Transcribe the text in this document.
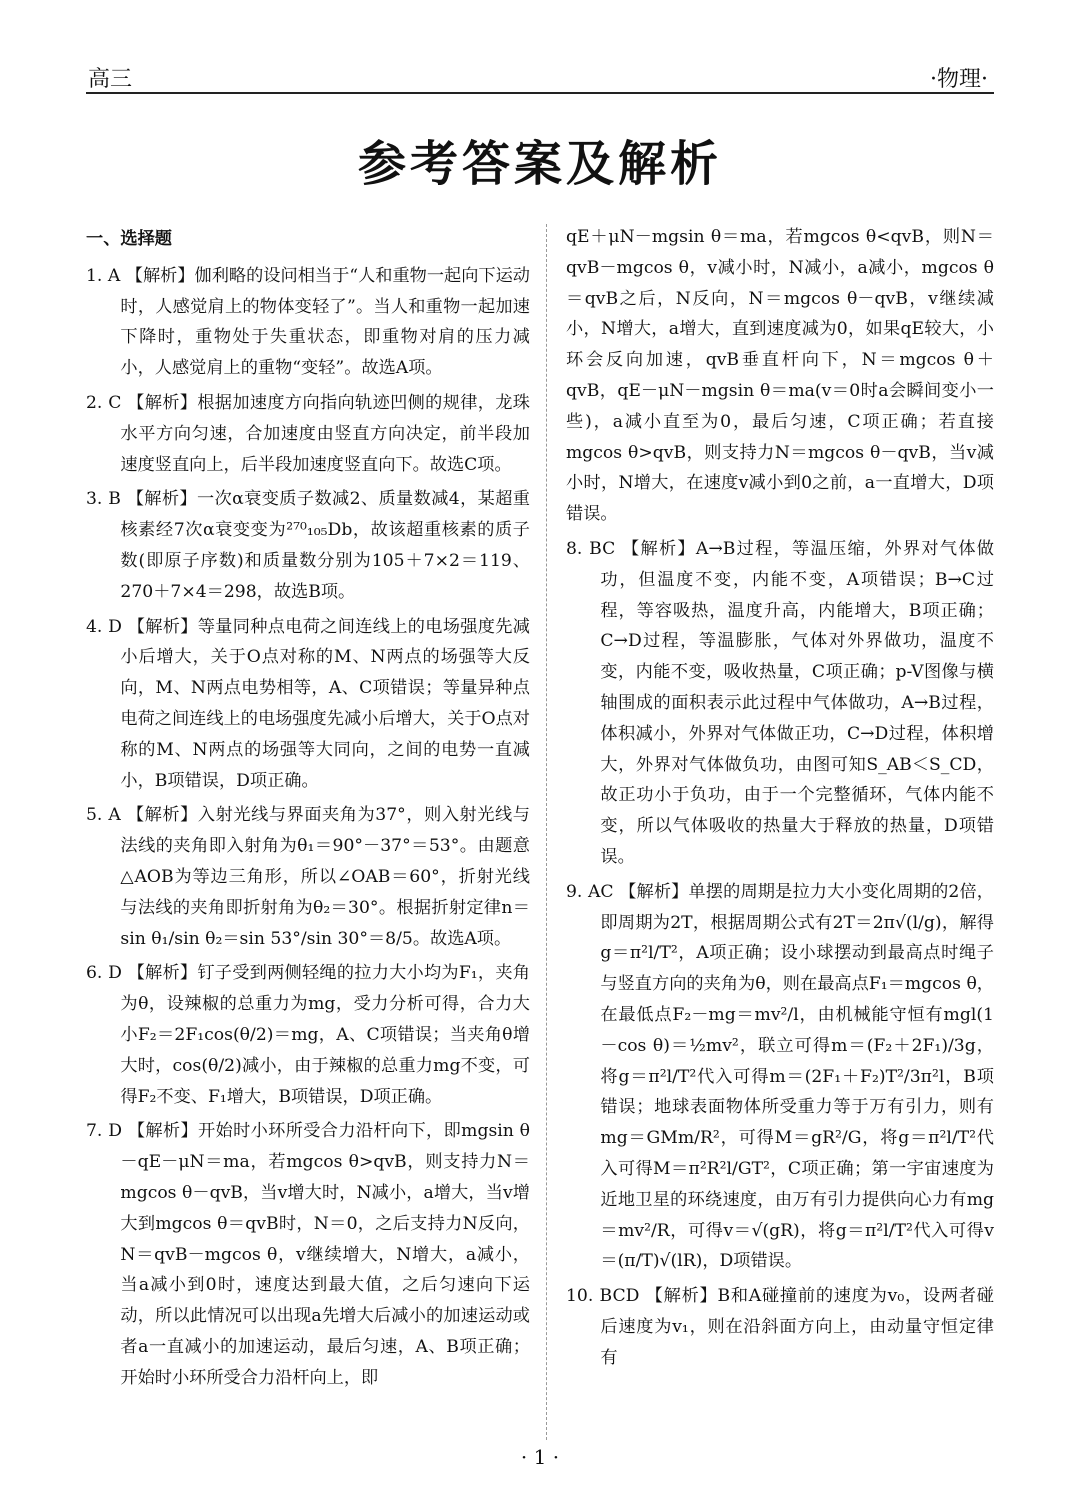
高三	·物理·
参考答案及解析
一、选择题

1. A 【解析】伽利略的设问相当于“人和重物一起向下运动时，人感觉肩上的物体变轻了”。当人和重物一起加速下降时，重物处于失重状态，即重物对肩的压力减小，人感觉肩上的重物“变轻”。故选A项。

2. C 【解析】根据加速度方向指向轨迹凹侧的规律，龙珠水平方向匀速，合加速度由竖直方向决定，前半段加速度竖直向上，后半段加速度竖直向下。故选C项。

3. B 【解析】一次α衰变质子数减2、质量数减4，某超重核素经7次α衰变变为²⁷⁰₁₀₅Db，故该超重核素的质子数(即原子序数)和质量数分别为105＋7×2＝119、270＋7×4＝298，故选B项。

4. D 【解析】等量同种点电荷之间连线上的电场强度先减小后增大，关于O点对称的M、N两点的场强等大反向，M、N两点电势相等，A、C项错误；等量异种点电荷之间连线上的电场强度先减小后增大，关于O点对称的M、N两点的场强等大同向，之间的电势一直减小，B项错误，D项正确。

5. A 【解析】入射光线与界面夹角为37°，则入射光线与法线的夹角即入射角为θ₁＝90°－37°＝53°。由题意△AOB为等边三角形，所以∠OAB＝60°，折射光线与法线的夹角即折射角为θ₂＝30°。根据折射定律n＝sin θ₁/sin θ₂＝sin 53°/sin 30°＝8/5。故选A项。

6. D 【解析】钉子受到两侧轻绳的拉力大小均为F₁，夹角为θ，设辣椒的总重力为mg，受力分析可得，合力大小F₂＝2F₁cos(θ/2)＝mg，A、C项错误；当夹角θ增大时，cos(θ/2)减小，由于辣椒的总重力mg不变，可得F₂不变、F₁增大，B项错误，D项正确。

7. D 【解析】开始时小环所受合力沿杆向下，即mgsin θ－qE－μN＝ma，若mgcos θ>qvB，则支持力N＝mgcos θ－qvB，当v增大时，N减小，a增大，当v增大到mgcos θ＝qvB时，N＝0，之后支持力N反向，N＝qvB－mgcos θ，v继续增大，N增大，a减小，当a减小到0时，速度达到最大值，之后匀速向下运动，所以此情况可以出现a先增大后减小的加速运动或者a一直减小的加速运动，最后匀速，A、B项正确；开始时小环所受合力沿杆向上，即

qE＋μN－mgsin θ＝ma，若mgcos θ<qvB，则N＝qvB－mgcos θ，v减小时，N减小，a减小，mgcos θ＝qvB之后，N反向，N＝mgcos θ－qvB，v继续减小，N增大，a增大，直到速度减为0，如果qE较大，小环会反向加速，qvB垂直杆向下，N＝mgcos θ＋qvB，qE－μN－mgsin θ＝ma(v＝0时a会瞬间变小一些)，a减小直至为0，最后匀速，C项正确；若直接mgcos θ>qvB，则支持力N＝mgcos θ－qvB，当v减小时，N增大，在速度v减小到0之前，a一直增大，D项错误。

8. BC 【解析】A→B过程，等温压缩，外界对气体做功，但温度不变，内能不变，A项错误；B→C过程，等容吸热，温度升高，内能增大，B项正确；C→D过程，等温膨胀，气体对外界做功，温度不变，内能不变，吸收热量，C项正确；p-V图像与横轴围成的面积表示此过程中气体做功，A→B过程，体积减小，外界对气体做正功，C→D过程，体积增大，外界对气体做负功，由图可知S_AB＜S_CD，故正功小于负功，由于一个完整循环，气体内能不变，所以气体吸收的热量大于释放的热量，D项错误。

9. AC 【解析】单摆的周期是拉力大小变化周期的2倍，即周期为2T，根据周期公式有2T＝2π√(l/g)，解得g＝π²l/T²，A项正确；设小球摆动到最高点时绳子与竖直方向的夹角为θ，则在最高点F₁＝mgcos θ，在最低点F₂－mg＝mv²/l，由机械能守恒有mgl(1－cos θ)＝½mv²，联立可得m＝(F₂＋2F₁)/3g，将g＝π²l/T²代入可得m＝(2F₁＋F₂)T²/3π²l，B项错误；地球表面物体所受重力等于万有引力，则有mg＝GMm/R²，可得M＝gR²/G，将g＝π²l/T²代入可得M＝π²R²l/GT²，C项正确；第一宇宙速度为近地卫星的环绕速度，由万有引力提供向心力有mg＝mv²/R，可得v＝√(gR)，将g＝π²l/T²代入可得v＝(π/T)√(lR)，D项错误。

10. BCD 【解析】B和A碰撞前的速度为v₀，设两者碰后速度为v₁，则在沿斜面方向上，由动量守恒定律有

· 1 ·
